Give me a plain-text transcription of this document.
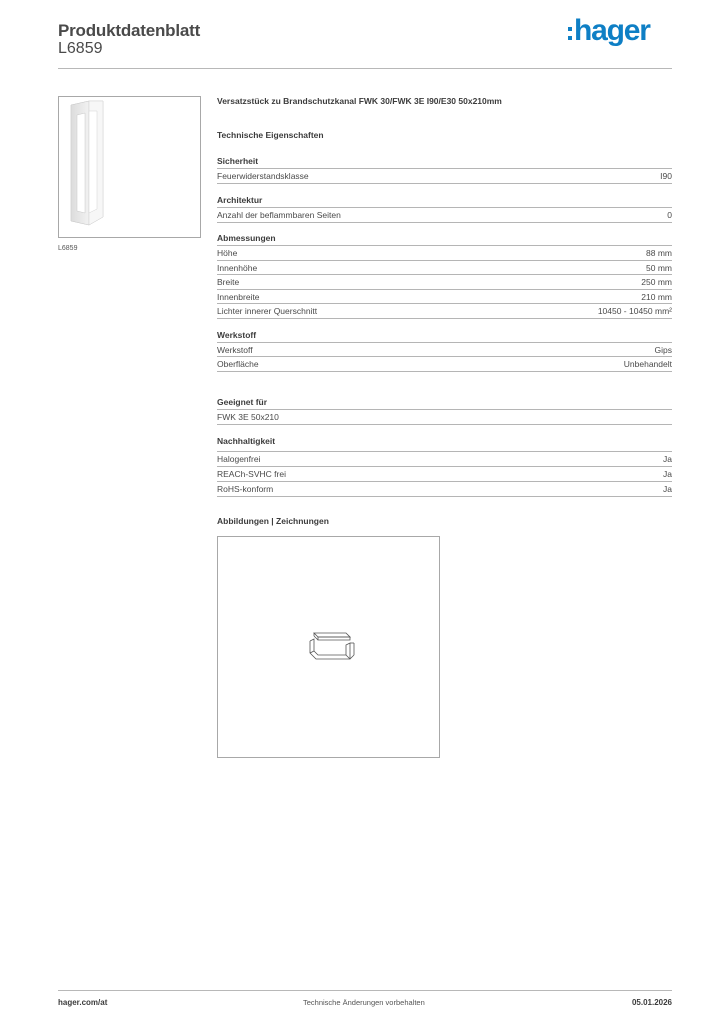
Produktdatenblatt
L6859
hager
L6859
Versatzstück zu Brandschutzkanal FWK 30/FWK 3E I90/E30 50x210mm
Technische Eigenschaften
Sicherheit
Feuerwiderstandsklasse	I90
Architektur
Anzahl der beflammbaren Seiten	0
Abmessungen
Höhe	88 mm
Innenhöhe	50 mm
Breite	250 mm
Innenbreite	210 mm
Lichter innerer Querschnitt	10450 - 10450 mm²
Werkstoff
Werkstoff	Gips
Oberfläche	Unbehandelt
Geeignet für
FWK 3E 50x210
Nachhaltigkeit
Halogenfrei	Ja
REACh-SVHC frei	Ja
RoHS-konform	Ja
Abbildungen | Zeichnungen
hager.com/at	Technische Änderungen vorbehalten	05.01.2026
